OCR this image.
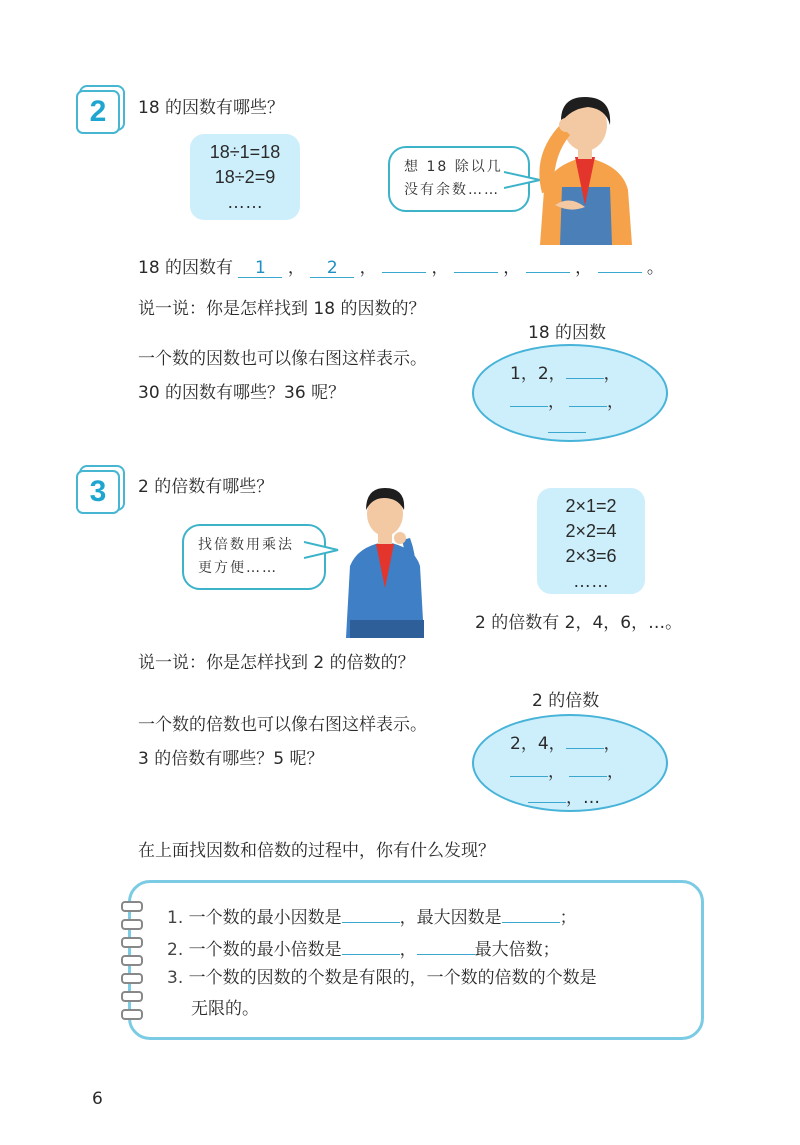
2	18 的因数有哪些？
18÷1=18
18÷2=9
……
想 18 除以几
没有余数……
18 的因数有 1 ， 2 ，	，	，	，	。
说一说：你是怎样找到 18 的因数的？
18 的因数
一个数的因数也可以像右图这样表示。
30 的因数有哪些？36 呢？
1，2， ，
， ，
3	2 的倍数有哪些？
找倍数用乘法
更方便……
2×1=2
2×2=4
2×3=6
……
2 的倍数有 2，4，6，…。
说一说：你是怎样找到 2 的倍数的？
2 的倍数
一个数的倍数也可以像右图这样表示。
3 的倍数有哪些？5 呢？
2，4， ，
， ，
，…
在上面找因数和倍数的过程中，你有什么发现？
1. 一个数的最小因数是	，最大因数是	；
2. 一个数的最小倍数是	，	最大倍数；
3. 一个数的因数的个数是有限的，一个数的倍数的个数是
无限的。
6
